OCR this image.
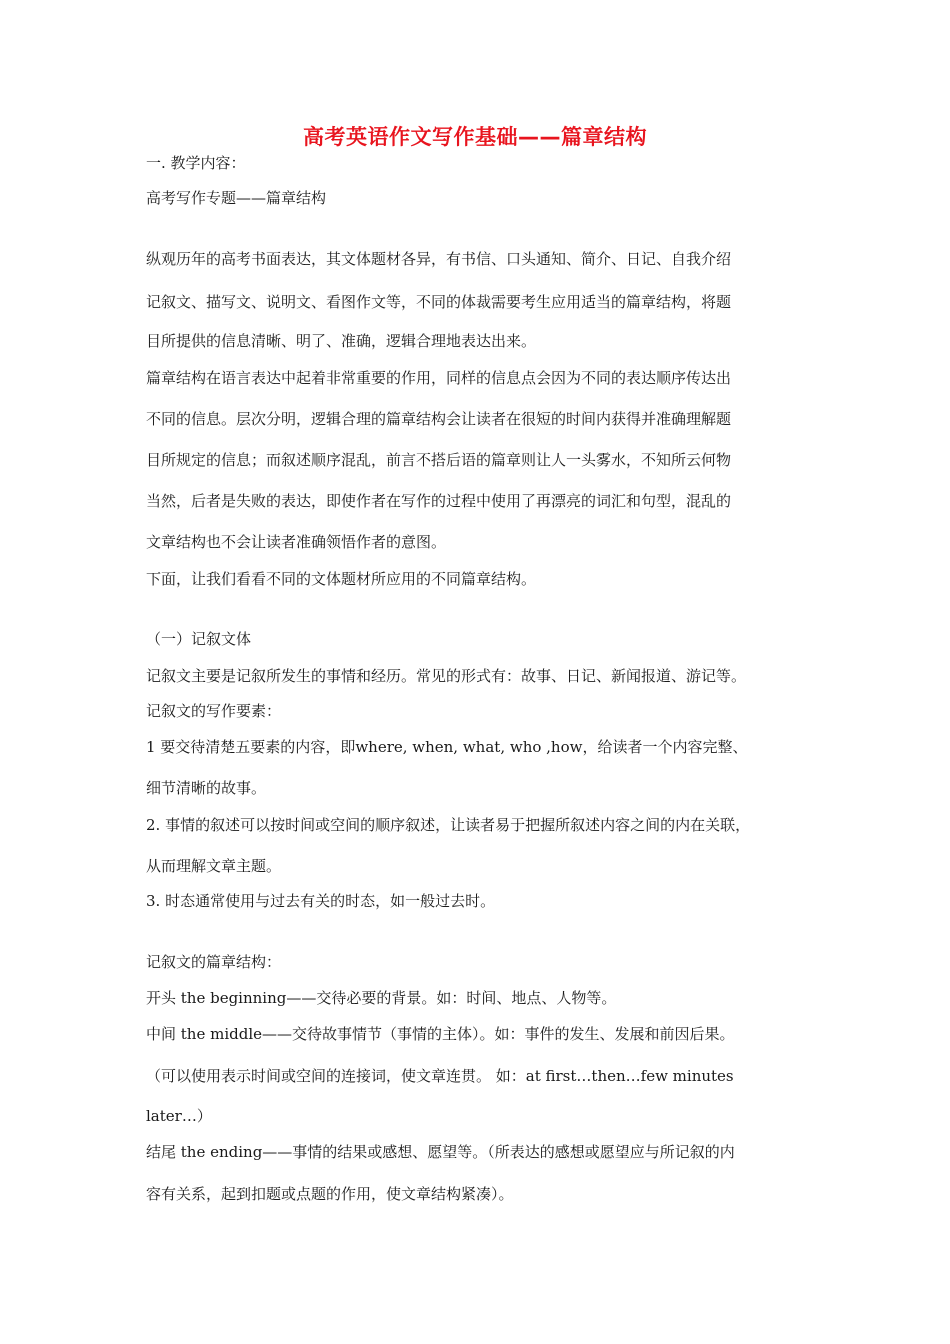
高考英语作文写作基础——篇章结构
一. 教学内容：
高考写作专题——篇章结构
纵观历年的高考书面表达，其文体题材各异，有书信、口头通知、简介、日记、自我介绍
记叙文、描写文、说明文、看图作文等，不同的体裁需要考生应用适当的篇章结构，将题
目所提供的信息清晰、明了、准确，逻辑合理地表达出来。
篇章结构在语言表达中起着非常重要的作用，同样的信息点会因为不同的表达顺序传达出
不同的信息。层次分明，逻辑合理的篇章结构会让读者在很短的时间内获得并准确理解题
目所规定的信息；而叙述顺序混乱，前言不搭后语的篇章则让人一头雾水，不知所云何物
当然，后者是失败的表达，即使作者在写作的过程中使用了再漂亮的词汇和句型，混乱的
文章结构也不会让读者准确领悟作者的意图。
下面，让我们看看不同的文体题材所应用的不同篇章结构。
（一）记叙文体
记叙文主要是记叙所发生的事情和经历。常见的形式有：故事、日记、新闻报道、游记等。
记叙文的写作要素：
1 要交待清楚五要素的内容，即where, when, what, who ,how，给读者一个内容完整、
细节清晰的故事。
2. 事情的叙述可以按时间或空间的顺序叙述，让读者易于把握所叙述内容之间的内在关联，
从而理解文章主题。
3. 时态通常使用与过去有关的时态，如一般过去时。
记叙文的篇章结构：
开头 the beginning——交待必要的背景。如：时间、地点、人物等。
中间 the middle——交待故事情节（事情的主体）。如：事件的发生、发展和前因后果。
（可以使用表示时间或空间的连接词，使文章连贯。 如：at first…then…few minutes
later…）
结尾 the ending——事情的结果或感想、愿望等。（所表达的感想或愿望应与所记叙的内
容有关系，起到扣题或点题的作用，使文章结构紧凑）。
